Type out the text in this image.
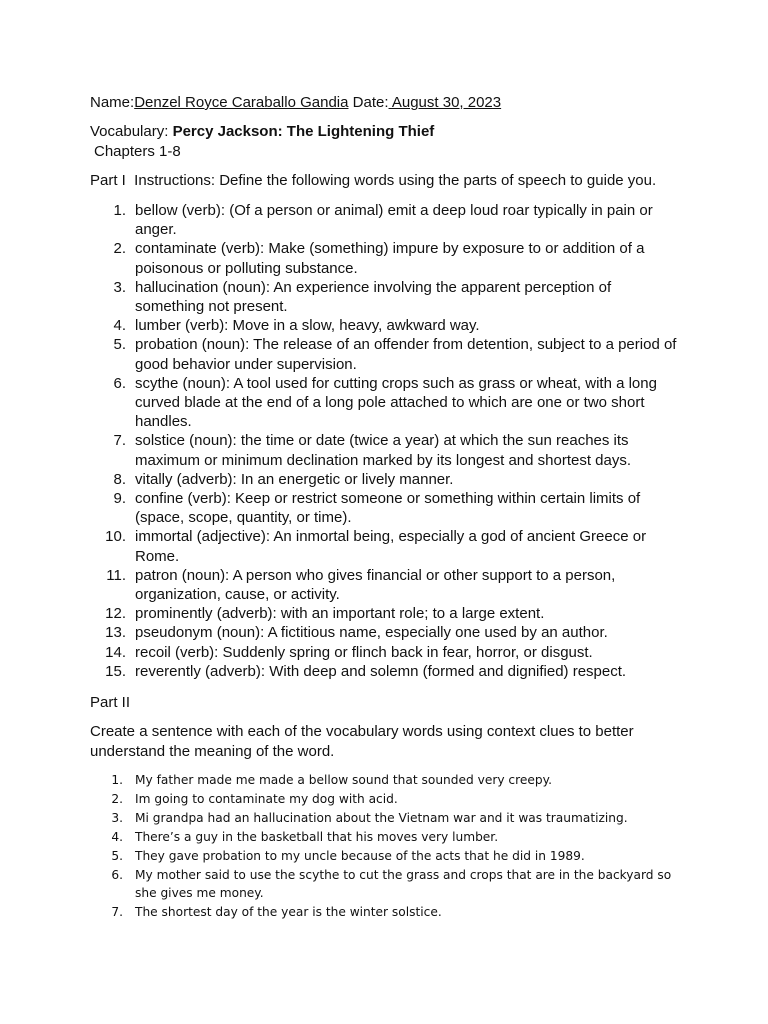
Name:Denzel Royce Caraballo Gandia Date: August 30, 2023
Vocabulary: Percy Jackson: The Lightening Thief
Chapters 1-8
Part I  Instructions: Define the following words using the parts of speech to guide you.
1. bellow (verb): (Of a person or animal) emit a deep loud roar typically in pain or anger.
2. contaminate (verb): Make (something) impure by exposure to or addition of a poisonous or polluting substance.
3. hallucination (noun): An experience involving the apparent perception of something not present.
4. lumber (verb): Move in a slow, heavy, awkward way.
5. probation (noun): The release of an offender from detention, subject to a period of good behavior under supervision.
6. scythe (noun): A tool used for cutting crops such as grass or wheat, with a long curved blade at the end of a long pole attached to which are one or two short handles.
7. solstice (noun): the time or date (twice a year) at which the sun reaches its maximum or minimum declination marked by its longest and shortest days.
8. vitally (adverb): In an energetic or lively manner.
9. confine (verb): Keep or restrict someone or something within certain limits of (space, scope, quantity, or time).
10. immortal (adjective): An inmortal being, especially a god of ancient Greece or Rome.
11. patron (noun): A person who gives financial or other support to a person, organization, cause, or activity.
12. prominently (adverb): with an important role; to a large extent.
13. pseudonym (noun): A fictitious name, especially one used by an author.
14. recoil (verb): Suddenly spring or flinch back in fear, horror, or disgust.
15. reverently (adverb): With deep and solemn (formed and dignified) respect.
Part II
Create a sentence with each of the vocabulary words using context clues to better
understand the meaning of the word.
1. My father made me made a bellow sound that sounded very creepy.
2. Im going to contaminate my dog with acid.
3. Mi grandpa had an hallucination about the Vietnam war and it was traumatizing.
4. There’s a guy in the basketball that his moves very lumber.
5. They gave probation to my uncle because of the acts that he did in 1989.
6. My mother said to use the scythe to cut the grass and crops that are in the backyard so she gives me money.
7. The shortest day of the year is the winter solstice.
